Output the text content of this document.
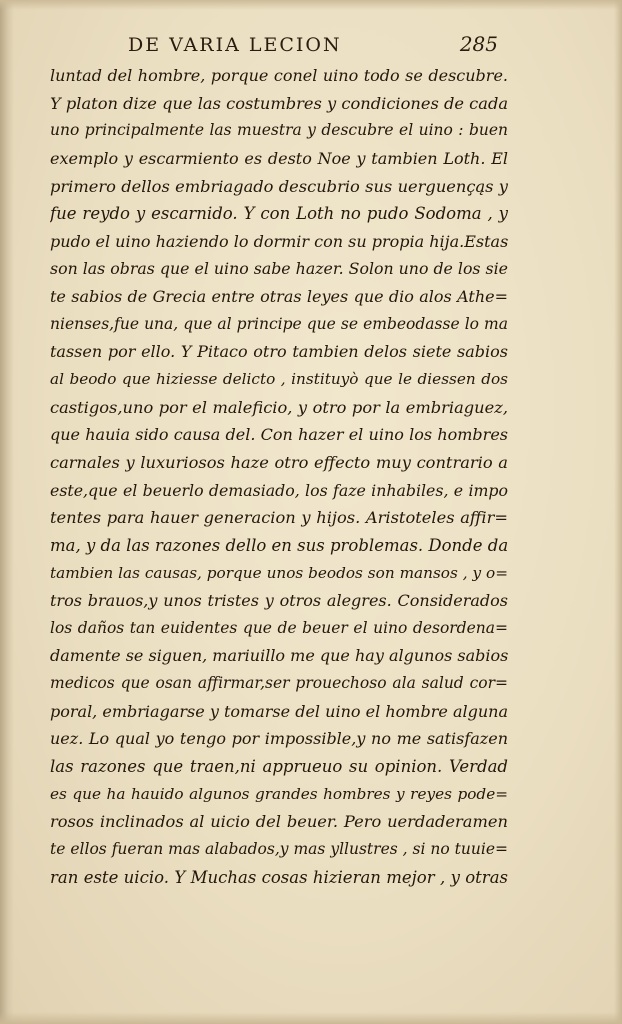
DE VARIA LECION	285
luntad del hombre, porque conel uino todo se descubre.
Y platon dize que las costumbres y condiciones de cada
uno principalmente las muestra y descubre el uino : buen
exemplo y escarmiento es desto Noe y tambien Loth. El
primero dellos embriagado descubrio sus uerguençąs y
fue reydo y escarnido. Y con Loth no pudo Sodoma , y
pudo el uino haziendo lo dormir con su propia hija.Estas
son las obras que el uino sabe hazer. Solon uno de los sie
te sabios de Grecia entre otras leyes que dio alos Athe=
nienses,fue una, que al principe que se embeodasse lo ma
tassen por ello. Y Pitaco otro tambien delos siete sabios
al beodo que hiziesse delicto , instituyò que le diessen dos
castigos,uno por el maleficio, y otro por la embriaguez,
que hauia sido causa del. Con hazer el uino los hombres
carnales y luxuriosos haze otro effecto muy contrario a
este,que el beuerlo demasiado, los faze inhabiles, e impo
tentes para hauer generacion y hijos. Aristoteles affir=
ma, y da las razones dello en sus problemas. Donde da
tambien las causas, porque unos beodos son mansos , y o=
tros brauos,y unos tristes y otros alegres. Considerados
los daños tan euidentes que de beuer el uino desordena=
damente se siguen, mariuillo me que hay algunos sabios
medicos que osan affirmar,ser prouechoso ala salud cor=
poral, embriagarse y tomarse del uino el hombre alguna
uez. Lo qual yo tengo por impossible,y no me satisfazen
las razones que traen,ni apprueuo su opinion. Verdad
es que ha hauido algunos grandes hombres y reyes pode=
rosos inclinados al uicio del beuer. Pero uerdaderamen
te ellos fueran mas alabados,y mas yllustres , si no tuuie=
ran este uicio. Y Muchas cosas hizieran mejor , y otras
